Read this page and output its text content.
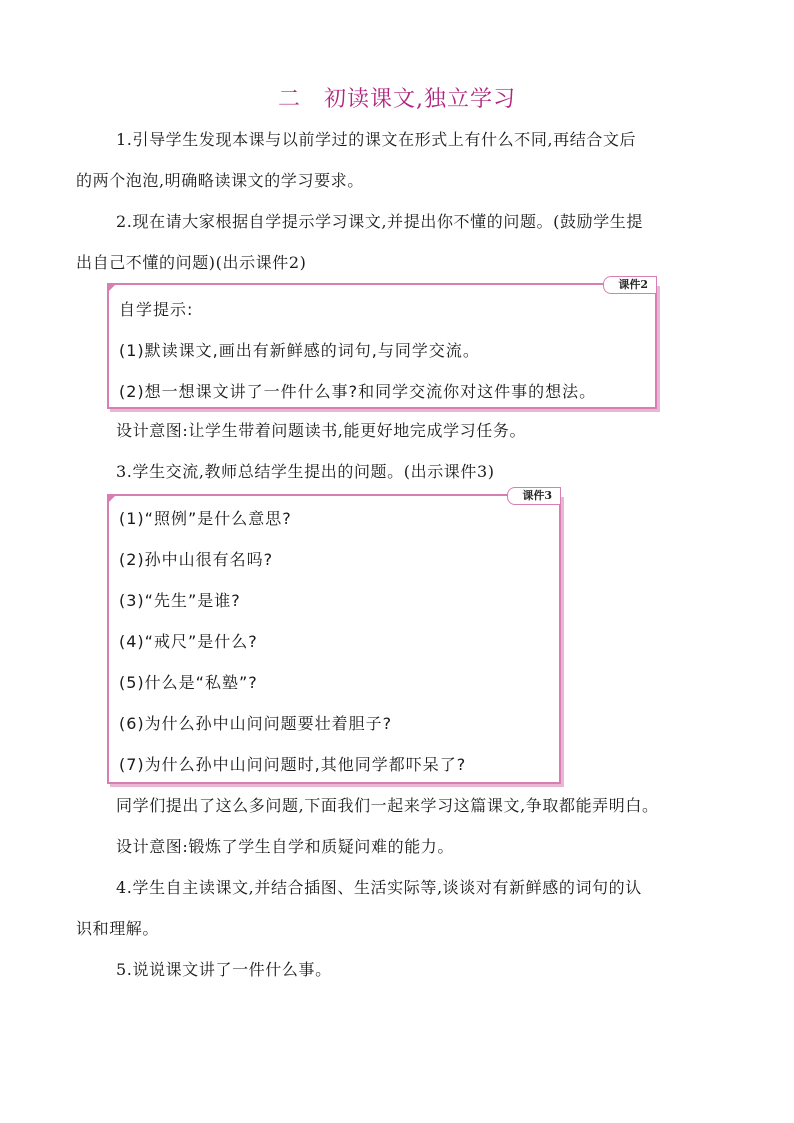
二　初读课文,独立学习
1.引导学生发现本课与以前学过的课文在形式上有什么不同,再结合文后
的两个泡泡,明确略读课文的学习要求。
2.现在请大家根据自学提示学习课文,并提出你不懂的问题。(鼓励学生提
出自己不懂的问题)(出示课件2)
课件2
自学提示:
(1)默读课文,画出有新鲜感的词句,与同学交流。
(2)想一想课文讲了一件什么事?和同学交流你对这件事的想法。
设计意图:让学生带着问题读书,能更好地完成学习任务。
3.学生交流,教师总结学生提出的问题。(出示课件3)
课件3
(1)“照例”是什么意思?
(2)孙中山很有名吗?
(3)“先生”是谁?
(4)“戒尺”是什么?
(5)什么是“私塾”?
(6)为什么孙中山问问题要壮着胆子?
(7)为什么孙中山问问题时,其他同学都吓呆了?
同学们提出了这么多问题,下面我们一起来学习这篇课文,争取都能弄明白。
设计意图:锻炼了学生自学和质疑问难的能力。
4.学生自主读课文,并结合插图、生活实际等,谈谈对有新鲜感的词句的认
识和理解。
5.说说课文讲了一件什么事。
